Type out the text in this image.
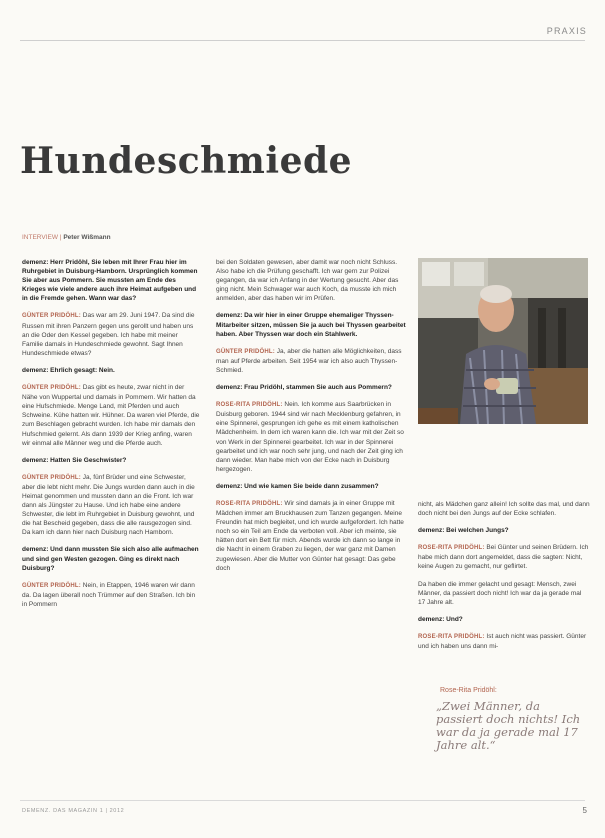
PRAXIS
Hundeschmiede
INTERVIEW | Peter Wißmann

demenz: Herr Pridöhl, Sie leben mit Ihrer Frau hier im Ruhrgebiet in Duisburg-Hamborn. Ursprünglich kommen Sie aber aus Pommern. Sie mussten am Ende des Krieges wie viele andere auch ihre Heimat aufgeben und in die Fremde gehen. Wann war das?

GÜNTER PRIDÖHL: Das war am 29. Juni 1947. Da sind die Russen mit ihren Panzern gegen uns gerollt und haben uns an die Oder den Kessel gegeben. Ich habe mit meiner Familie damals in Hundeschmiede gewohnt. Sagt Ihnen Hundeschmiede etwas?

demenz: Ehrlich gesagt: Nein.

GÜNTER PRIDÖHL: Das gibt es heute, zwar nicht in der Nähe von Wuppertal und damals in Pommern. Wir hatten da eine Hufschmiede. Menge Land, mit Pferden und auch Schweine. Kühe hatten wir. Hühner. Da waren viel Pferde, die zum Beschlagen gebracht wurden. Ich habe mir damals den Hufschmied gelernt. Als dann 1939 der Krieg anfing, waren wir einmal alle Männer weg und die Pferde auch.

demenz: Hatten Sie Geschwister?

GÜNTER PRIDÖHL: Ja, fünf Brüder und eine Schwester, aber die lebt nicht mehr. Die Jungs wurden dann auch in die Heimat genommen und mussten dann an die Front. Ich war dann als Jüngster zu Hause. Und ich habe eine andere Schwester, die lebt im Ruhrgebiet in Duisburg gewohnt, und die hat Bescheid gegeben, dass die alle rausgezogen sind. Da kam ich dann hier nach Duisburg nach Hamborn.

demenz: Und dann mussten Sie sich also alle aufmachen und sind gen Westen gezogen. Ging es direkt nach Duisburg?

GÜNTER PRIDÖHL: Nein, in Etappen, 1946 waren wir dann da. Da lagen überall noch Trümmer auf den Straßen. Ich bin in Pommern

bei den Soldaten gewesen, aber damit war noch nicht Schluss. Also habe ich die Prüfung geschafft. Ich war gern zur Polizei gegangen, da war ich Anfang in der Wertung gesucht. Aber das ging nicht. Mein Schwager war auch Koch, da musste ich mich anmelden, aber das haben wir im Prüfen.

demenz: Da wir hier in einer Gruppe ehemaliger Thyssen-Mitarbeiter sitzen, müssen Sie ja auch bei Thyssen gearbeitet haben. Aber Thyssen war doch ein Stahlwerk.

GÜNTER PRIDÖHL: Ja, aber die hatten alle Möglichkeiten, dass man auf Pferde arbeiten. Seit 1954 war ich also auch Thyssen-Schmied.

demenz: Frau Pridöhl, stammen Sie auch aus Pommern?

ROSE-RITA PRIDÖHL: Nein. Ich komme aus Saarbrücken in Duisburg geboren. 1944 sind wir nach Mecklenburg gefahren, in eine Spinnerei, gesprungen ich gehe es mit einem katholischen Mädchenheim. In dem ich waren kann die. Ich war mit der Zeit so von Werk in der Spinnerei gearbeitet. Ich war in der Spinnerei gearbeitet und ich war noch sehr jung, und nach der Zeit ging ich dann wieder. Man habe mich von der Ecke nach in Duisburg hergezogen.

demenz: Und wie kamen Sie beide dann zusammen?

ROSE-RITA PRIDÖHL: Wir sind damals ja in einer Gruppe mit Mädchen immer am Bruckhausen zum Tanzen gegangen. Meine Freundin hat mich begleitet, und ich wurde aufgefordert. Ich hatte noch so ein Teil am Ende da verboten voll. Aber ich meinte, sie hätten dort ein Bett für mich. Abends wurde ich dann so lange in die Nacht in einem Graben zu liegen, der war ganz mit Damen zugewiesen. Aber die Mutter von Günter hat gesagt: Das gebe doch

nicht, als Mädchen ganz allein! Ich sollte das mal, und dann doch nicht bei den Jungs auf der Ecke schlafen.

demenz: Bei welchen Jungs?

ROSE-RITA PRIDÖHL: Bei Günter und seinen Brüdern. Ich habe mich dann dort angemeldet, dass die sagten: Nicht, keine Augen zu gemacht, nur geflirtet.

Da haben die immer gelacht und gesagt: Mensch, zwei Männer, da passiert doch nicht! Ich war da ja gerade mal 17 Jahre alt.

demenz: Und?

ROSE-RITA PRIDÖHL: Ist auch nicht was passiert. Günter und ich haben uns dann mi-

Rose-Rita Pridöhl:
„Zwei Männer, da passiert doch nichts! Ich war da ja gerade mal 17 Jahre alt.“
DEMENZ. DAS MAGAZIN 1 | 2012	5
